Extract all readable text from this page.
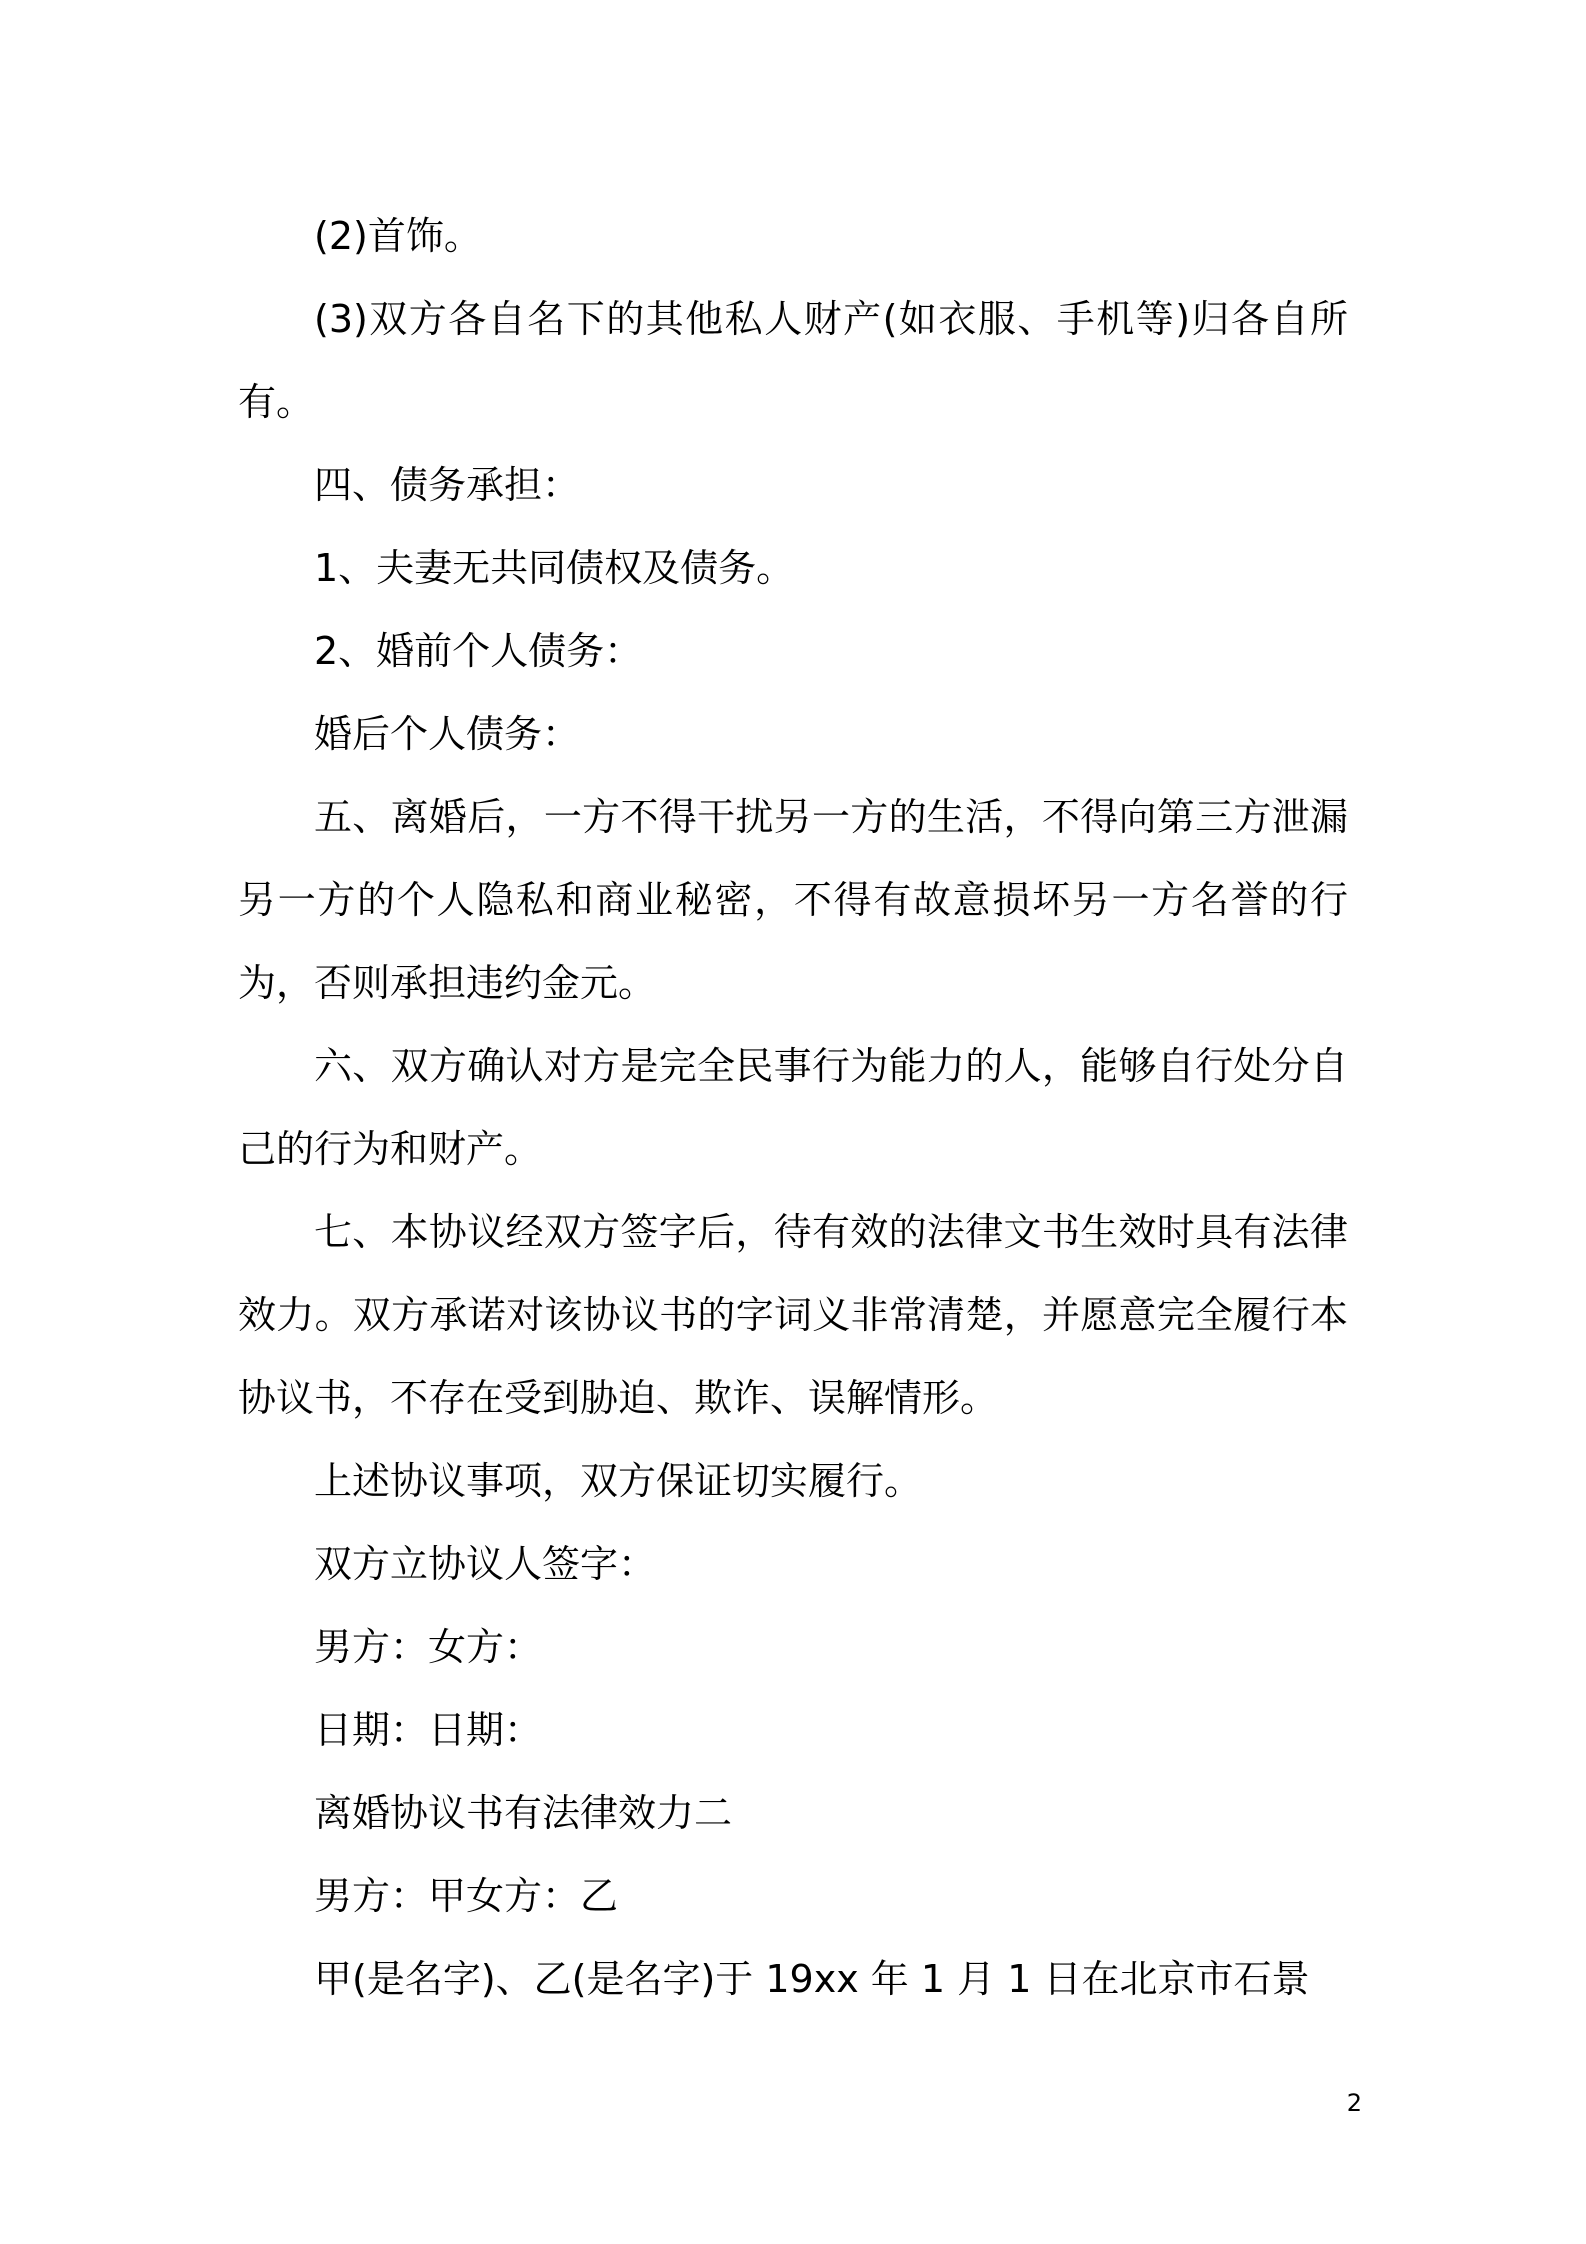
(2)首饰。

(3)双方各自名下的其他私人财产(如衣服、手机等)归各自所有。

四、债务承担：

1、夫妻无共同债权及债务。

2、婚前个人债务：

婚后个人债务：

五、离婚后，一方不得干扰另一方的生活，不得向第三方泄漏另一方的个人隐私和商业秘密，不得有故意损坏另一方名誉的行为，否则承担违约金元。

六、双方确认对方是完全民事行为能力的人，能够自行处分自己的行为和财产。

七、本协议经双方签字后，待有效的法律文书生效时具有法律效力。双方承诺对该协议书的字词义非常清楚，并愿意完全履行本协议书，不存在受到胁迫、欺诈、误解情形。

上述协议事项，双方保证切实履行。

双方立协议人签字：

男方：女方：

日期：日期：

离婚协议书有法律效力二

男方：甲女方：乙

甲(是名字)、乙(是名字)于 19xx 年 1 月 1 日在北京市石景

2
